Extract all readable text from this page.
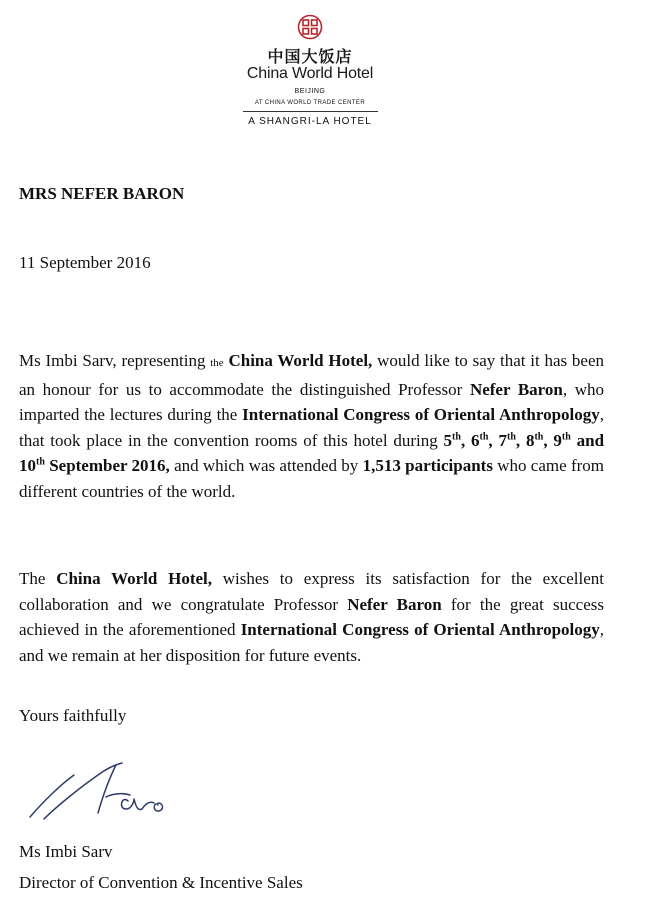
中国大饭店
China World Hotel
BEIJING
AT CHINA WORLD TRADE CENTER
A SHANGRI-LA HOTEL
MRS NEFER BARON
11 September 2016

Ms Imbi Sarv, representing the China World Hotel, would like to say that it has been an honour for us to accommodate the distinguished Professor Nefer Baron, who imparted the lectures during the International Congress of Oriental Anthropology, that took place in the convention rooms of this hotel during 5th, 6th, 7th, 8th, 9th and 10th September 2016, and which was attended by 1,513 participants who came from different countries of the world.

The China World Hotel, wishes to express its satisfaction for the excellent collaboration and we congratulate Professor Nefer Baron for the great success achieved in the aforementioned International Congress of Oriental Anthropology, and we remain at her disposition for future events.

Yours faithfully
Ms Imbi Sarv
Director of Convention & Incentive Sales
